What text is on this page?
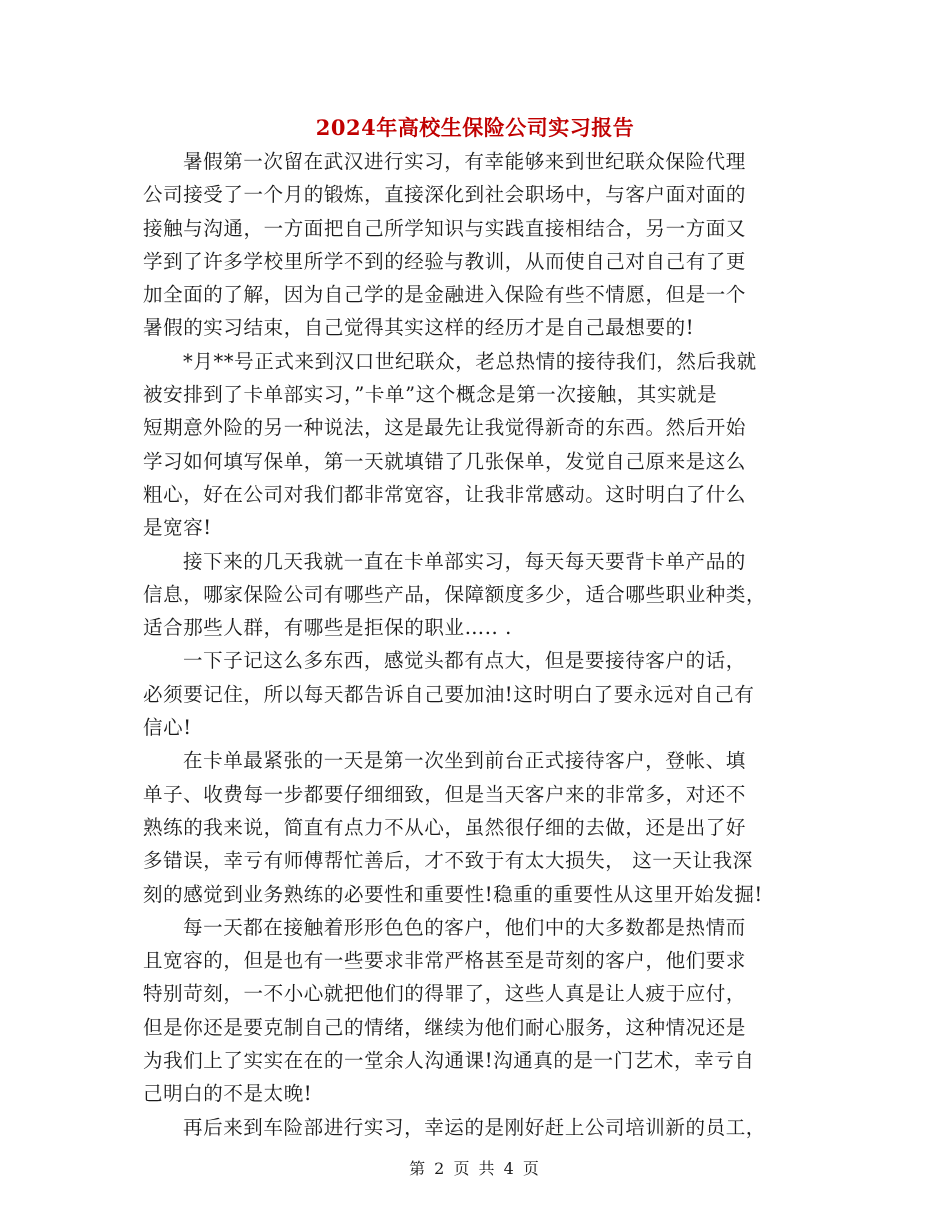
2024年高校生保险公司实习报告
暑假第一次留在武汉进行实习，有幸能够来到世纪联众保险代理
公司接受了一个月的锻炼，直接深化到社会职场中，与客户面对面的
接触与沟通，一方面把自己所学知识与实践直接相结合，另一方面又
学到了许多学校里所学不到的经验与教训，从而使自己对自己有了更
加全面的了解，因为自己学的是金融进入保险有些不情愿，但是一个
暑假的实习结束，自己觉得其实这样的经历才是自己最想要的!
*月**号正式来到汉口世纪联众，老总热情的接待我们，然后我就
被安排到了卡单部实习，”卡单”这个概念是第一次接触，其实就是
短期意外险的另一种说法，这是最先让我觉得新奇的东西。然后开始
学习如何填写保单，第一天就填错了几张保单，发觉自己原来是这么
粗心，好在公司对我们都非常宽容，让我非常感动。这时明白了什么
是宽容!
接下来的几天我就一直在卡单部实习，每天每天要背卡单产品的
信息，哪家保险公司有哪些产品，保障额度多少，适合哪些职业种类，
适合那些人群，有哪些是拒保的职业….. .
一下子记这么多东西，感觉头都有点大，但是要接待客户的话，
必须要记住，所以每天都告诉自己要加油!这时明白了要永远对自己有
信心!
在卡单最紧张的一天是第一次坐到前台正式接待客户，登帐、填
单子、收费每一步都要仔细细致，但是当天客户来的非常多，对还不
熟练的我来说，简直有点力不从心，虽然很仔细的去做，还是出了好
多错误，幸亏有师傅帮忙善后，才不致于有太大损失， 这一天让我深
刻的感觉到业务熟练的必要性和重要性!稳重的重要性从这里开始发掘!
每一天都在接触着形形色色的客户，他们中的大多数都是热情而
且宽容的，但是也有一些要求非常严格甚至是苛刻的客户，他们要求
特别苛刻，一不小心就把他们的得罪了，这些人真是让人疲于应付，
但是你还是要克制自己的情绪，继续为他们耐心服务，这种情况还是
为我们上了实实在在的一堂余人沟通课!沟通真的是一门艺术，幸亏自
己明白的不是太晚!
再后来到车险部进行实习，幸运的是刚好赶上公司培训新的员工，
第 2 页 共 4 页
